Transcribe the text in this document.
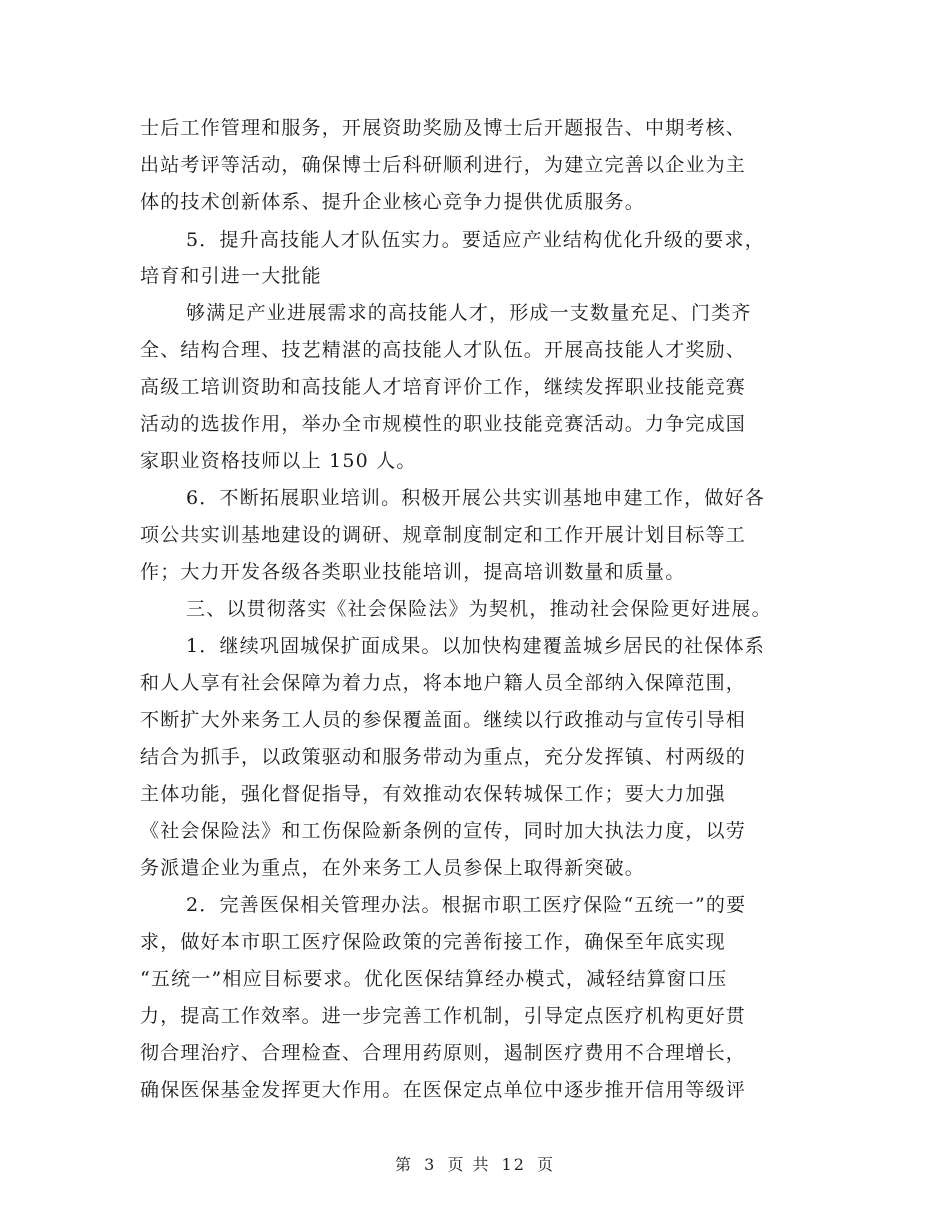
士后工作管理和服务，开展资助奖励及博士后开题报告、中期考核、
出站考评等活动，确保博士后科研顺利进行，为建立完善以企业为主
体的技术创新体系、提升企业核心竞争力提供优质服务。
5．提升高技能人才队伍实力。要适应产业结构优化升级的要求，
培育和引进一大批能
够满足产业进展需求的高技能人才，形成一支数量充足、门类齐
全、结构合理、技艺精湛的高技能人才队伍。开展高技能人才奖励、
高级工培训资助和高技能人才培育评价工作，继续发挥职业技能竞赛
活动的选拔作用，举办全市规模性的职业技能竞赛活动。力争完成国
家职业资格技师以上 150 人。
6．不断拓展职业培训。积极开展公共实训基地申建工作，做好各
项公共实训基地建设的调研、规章制度制定和工作开展计划目标等工
作；大力开发各级各类职业技能培训，提高培训数量和质量。
三、以贯彻落实《社会保险法》为契机，推动社会保险更好进展。
1．继续巩固城保扩面成果。以加快构建覆盖城乡居民的社保体系
和人人享有社会保障为着力点，将本地户籍人员全部纳入保障范围，
不断扩大外来务工人员的参保覆盖面。继续以行政推动与宣传引导相
结合为抓手，以政策驱动和服务带动为重点，充分发挥镇、村两级的
主体功能，强化督促指导，有效推动农保转城保工作；要大力加强
《社会保险法》和工伤保险新条例的宣传，同时加大执法力度，以劳
务派遣企业为重点，在外来务工人员参保上取得新突破。
2．完善医保相关管理办法。根据市职工医疗保险“五统一”的要
求，做好本市职工医疗保险政策的完善衔接工作，确保至年底实现
“五统一”相应目标要求。优化医保结算经办模式，减轻结算窗口压
力，提高工作效率。进一步完善工作机制，引导定点医疗机构更好贯
彻合理治疗、合理检查、合理用药原则，遏制医疗费用不合理增长，
确保医保基金发挥更大作用。在医保定点单位中逐步推开信用等级评
第 3 页 共 12 页
